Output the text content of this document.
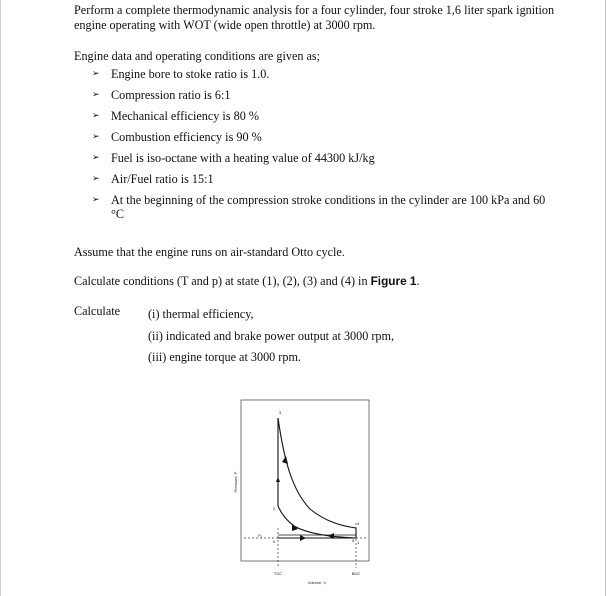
Perform a complete thermodynamic analysis for a four cylinder, four stroke 1,6 liter spark ignition engine operating with WOT (wide open throttle) at 3000 rpm.

Engine data and operating conditions are given as;

➢ Engine bore to stoke ratio is 1.0.
➢ Compression ratio is 6:1
➢ Mechanical efficiency is 80 %
➢ Combustion efficiency is 90 %
➢ Fuel is iso-octane with a heating value of 44300 kJ/kg
➢ Air/Fuel ratio is 15:1
➢ At the beginning of the compression stroke conditions in the cylinder are 100 kPa and 60 °C

Assume that the engine runs on air-standard Otto cycle.

Calculate conditions (T and p) at state (1), (2), (3) and (4) in Figure 1.

Calculate (i) thermal efficiency,
(ii) indicated and brake power output at 3000 rpm,
(iii) engine torque at 3000 rpm.
3
2
4
1
6	5
P₀
Pressure, P
TDC	BDC
Volume, V
